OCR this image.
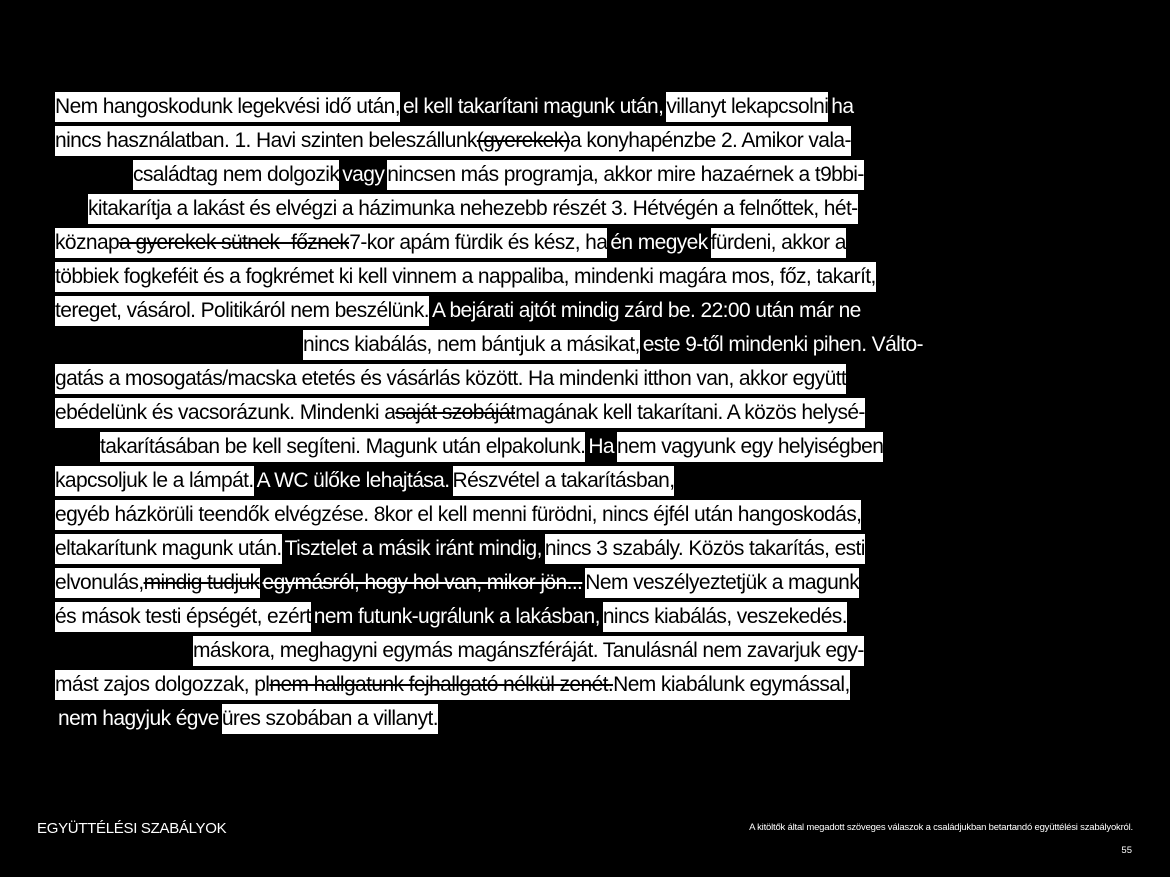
Nem hangoskodunk legekvési idő után, el kell takarítani magunk után,villanyt lekapcsolniha
nincs használatban. 1. Havi szinten beleszállunk(gyerekek)a konyhapénzbe 2. Amikor vala-
családtag nem dolgozikvagynincsen más programja, akkor mire hazaérnek a t9bbi-
kitakarítja a lakást és elvégzi a házimunka nehezebb részét 3. Hétvégén a felnőttek, hét-
köznapa gyerekek sütnek- főznek7-kor apám fürdik és kész, haén megyekfürdeni, akkor a
többiek fogkeféit és a fogkrémet ki kell vinnem a nappaliba, mindenki magára mos, főz, takarít,
tereget, vásárol. Politikáról nem beszélünk.A bejárati ajtót mindig zárd be. 22:00 után már ne
nincs kiabálás, nem bántjuk a másikat,este 9-től mindenki pihen. Válto-
gatás a mosogatás/macska etetés és vásárlás között. Ha mindenki itthon van, akkor együtt
ebédelünk és vacsorázunk. Mindenki asaját szobájátmagának kell takarítani. A közös helysé-
takarításában be kell segíteni. Magunk után elpakolunk.Hanem vagyunk egy helyiségben
kapcsoljuk le a lámpát.A WC ülőke lehajtása.Részvétel a takarításban,
egyéb házkörüli teendők elvégzése. 8kor el kell menni fürödni, nincs éjfél után hangoskodás,
eltakarítunk magunk után.Tisztelet a másik iránt mindig,nincs 3 szabály. Közös takarítás, esti
elvonulás,mindig tudjukegymásról, hogy hol van, mikor jön...Nem veszélyeztetjük a magunk
és mások testi épségét, ezértnem futunk-ugrálunk a lakásban,nincs kiabálás, veszekedés.
máskora, meghagyni egymás magánszféráját. Tanulásnál nem zavarjuk egy-
mást zajos dolgozzak, plnem hallgatunk fejhallgató nélkül zenét.Nem kiabálunk egymással,
nem hagyjuk égveüres szobában a villanyt.
EGYÜTTÉLÉSI SZABÁLYOK	A kitöltők által megadott szöveges válaszok a családjukban betartandó együttélési szabályokról.
55
